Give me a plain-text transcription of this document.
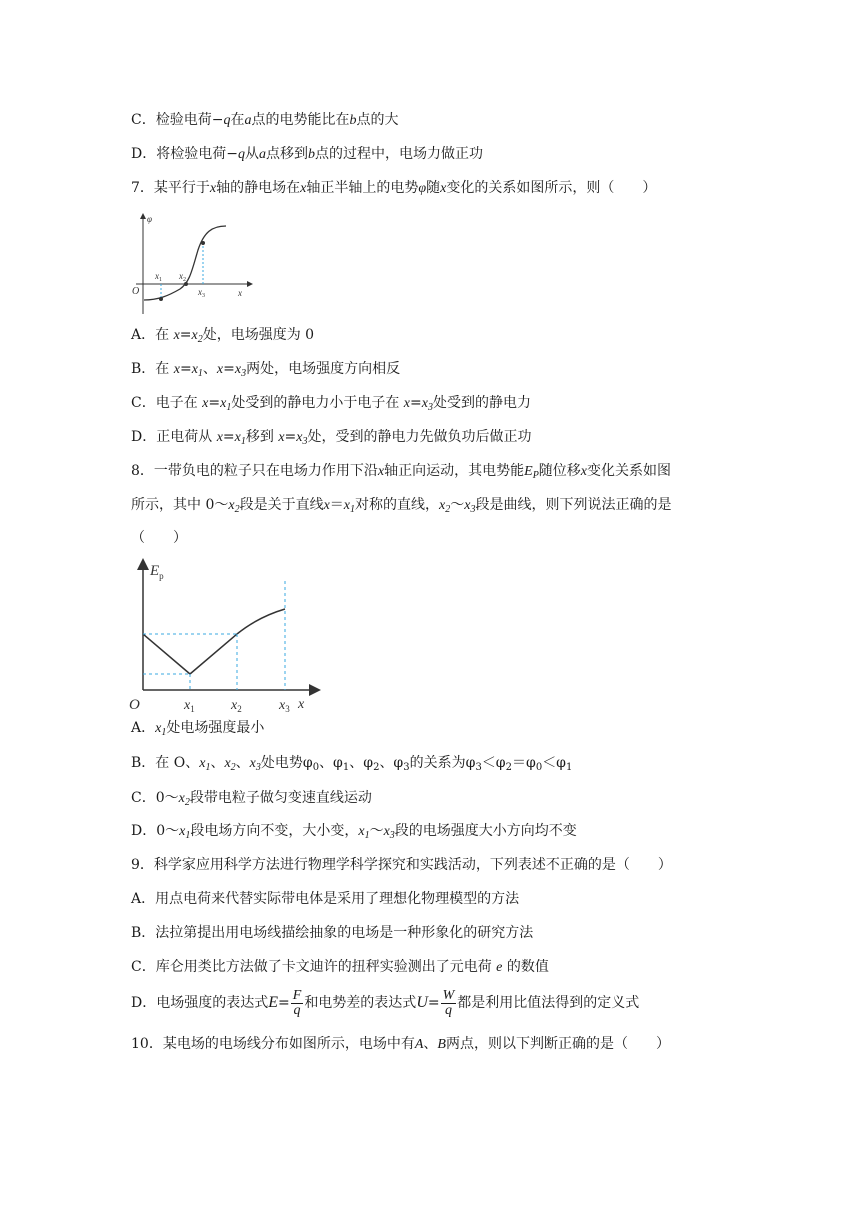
C．检验电荷−q在a点的电势能比在b点的大
D．将检验电荷−q从a点移到b点的过程中，电场力做正功
7．某平行于x轴的静电场在x轴正半轴上的电势φ随x变化的关系如图所示，则（　　）
φ
O	x
$x_1$ $x_2$
$x_3$
A．在 $x=x_2$处，电场强度为 0
B．在 $x=x_1$、$x=x_3$两处，电场强度方向相反
C．电子在 $x=x_1$处受到的静电力小于电子在 $x=x_3$处受到的静电力
D．正电荷从 $x=x_1$移到 $x=x_3$处，受到的静电力先做负功后做正功
8．一带负电的粒子只在电场力作用下沿x轴正向运动，其电势能$E_P$随位移x变化关系如图
所示，其中 $0\sim x_2$段是关于直线$x=x_1$对称的直线，$x_2\sim x_3$段是曲线，则下列说法正确的是
（　　）
$E_p$
O	x
$x_1$	$x_2$	$x_3$
A．$x_1$处电场强度最小
B．在 O、$x_1$、$x_2$、$x_3$处电势$\varphi_0$、$\varphi_1$、$\varphi_2$、$\varphi_3$的关系为$\varphi_3<\varphi_2=\varphi_0<\varphi_1$
C．$0\sim x_2$段带电粒子做匀变速直线运动
D．$0\sim x_1$段电场方向不变，大小变，$x_1\sim x_3$段的电场强度大小方向均不变
9．科学家应用科学方法进行物理学科学探究和实践活动，下列表述不正确的是（　　）
A．用点电荷来代替实际带电体是采用了理想化物理模型的方法
B．法拉第提出用电场线描绘抽象的电场是一种形象化的研究方法
C．库仑用类比方法做了卡文迪许的扭秤实验测出了元电荷 e 的数值
D．电场强度的表达式$E= \frac{F}{q}$ 和电势差的表达式$U= \frac{W}{q}$ 都是利用比值法得到的定义式
10．某电场的电场线分布如图所示，电场中有A、B两点，则以下判断正确的是（　　）
